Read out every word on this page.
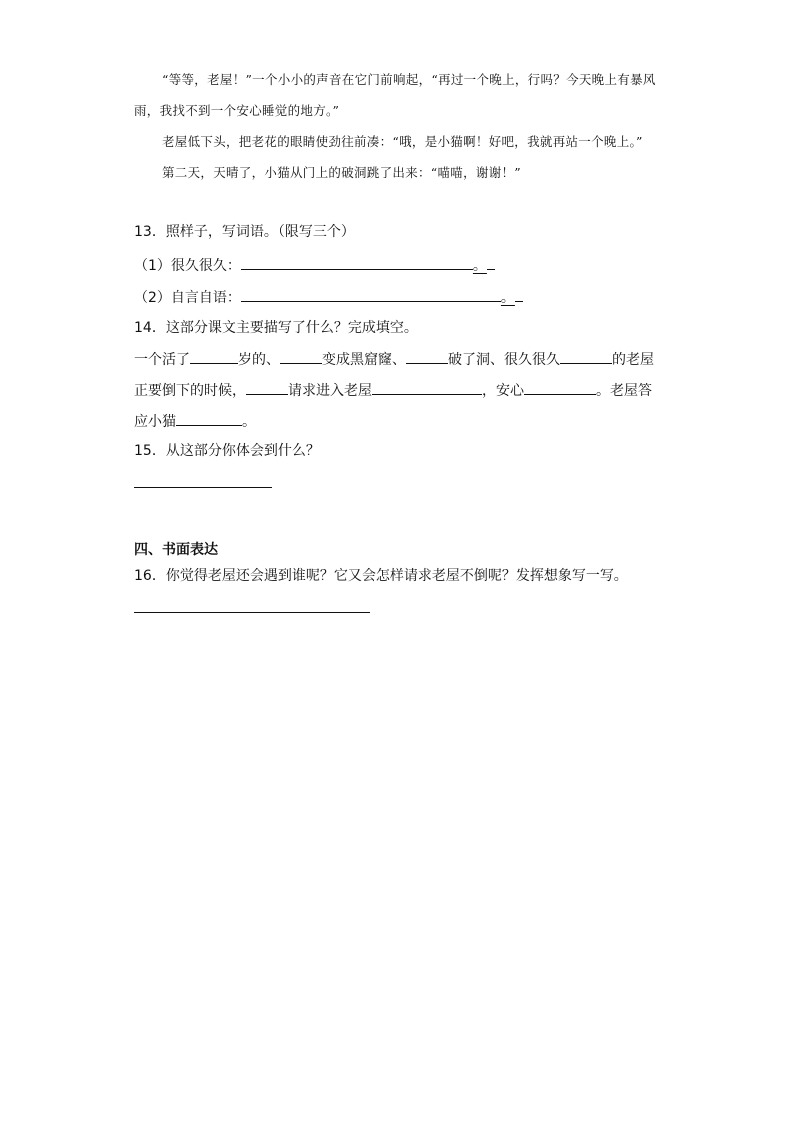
“等等，老屋！”一个小小的声音在它门前响起，“再过一个晚上，行吗？今天晚上有暴风雨，我找不到一个安心睡觉的地方。”

老屋低下头，把老花的眼睛使劲往前凑：“哦，是小猫啊！好吧，我就再站一个晚上。”

第二天，天晴了，小猫从门上的破洞跳了出来：“喵喵，谢谢！”

13．照样子，写词语。（限写三个）
（1）很久很久：	。
（2）自言自语：	。
14．这部分课文主要描写了什么？完成填空。
一个活了	岁的、	变成黑窟窿、	破了洞、很久很久	的老屋正要倒下的时候，	请求进入老屋	，安心	。老屋答应小猫	。
15．从这部分你体会到什么？
四、书面表达
16．你觉得老屋还会遇到谁呢？它又会怎样请求老屋不倒呢？发挥想象写一写。
